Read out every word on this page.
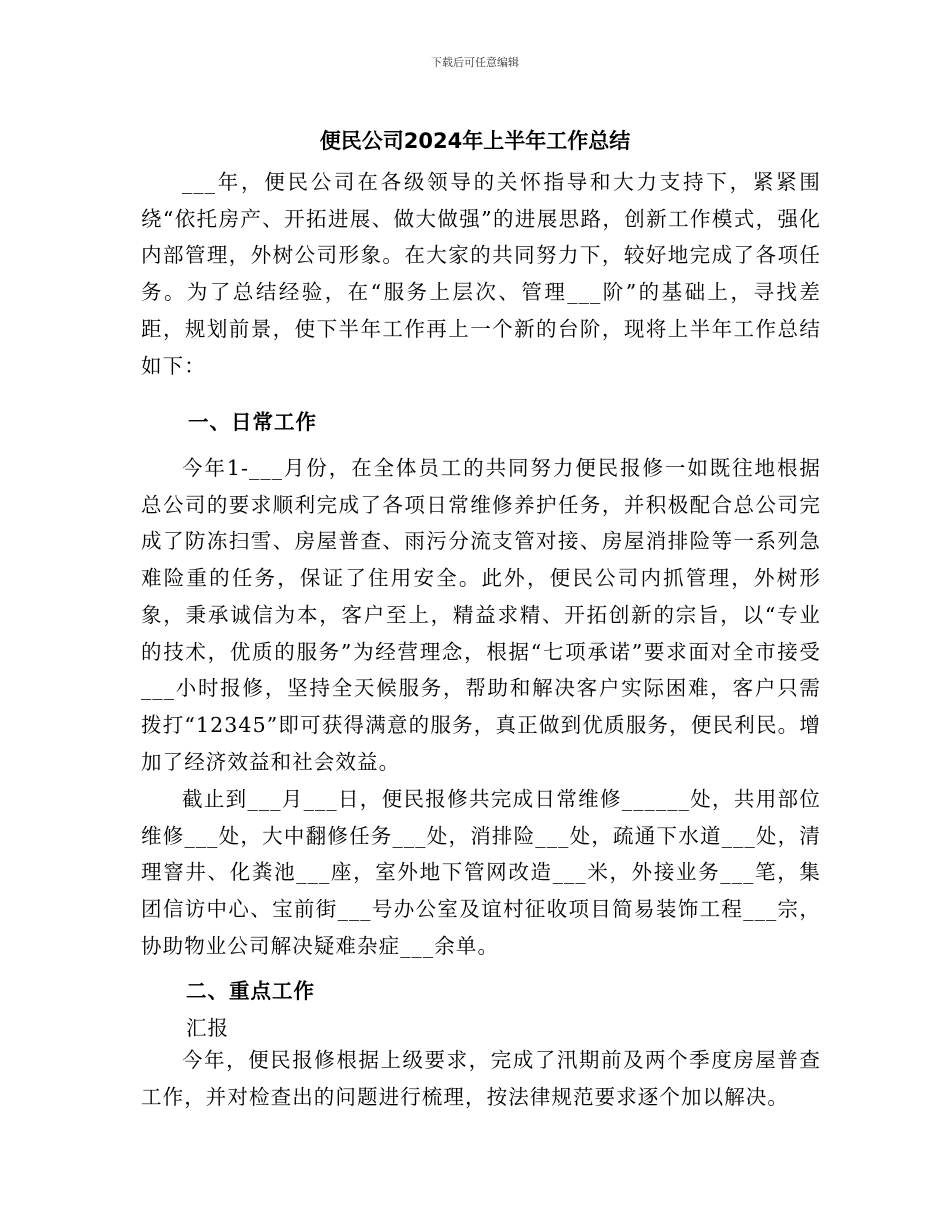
下载后可任意编辑
便民公司2024年上半年工作总结

___年，便民公司在各级领导的关怀指导和大力支持下，紧紧围绕“依托房产、开拓进展、做大做强”的进展思路，创新工作模式，强化内部管理，外树公司形象。在大家的共同努力下，较好地完成了各项任务。为了总结经验，在“服务上层次、管理___阶”的基础上，寻找差距，规划前景，使下半年工作再上一个新的台阶，现将上半年工作总结如下：

一、日常工作

今年1-___月份，在全体员工的共同努力便民报修一如既往地根据总公司的要求顺利完成了各项日常维修养护任务，并积极配合总公司完成了防冻扫雪、房屋普查、雨污分流支管对接、房屋消排险等一系列急难险重的任务，保证了住用安全。此外，便民公司内抓管理，外树形象，秉承诚信为本，客户至上，精益求精、开拓创新的宗旨，以“专业的技术，优质的服务”为经营理念，根据“七项承诺”要求面对全市接受___小时报修，坚持全天候服务，帮助和解决客户实际困难，客户只需拨打“12345”即可获得满意的服务，真正做到优质服务，便民利民。增加了经济效益和社会效益。

截止到___月___日，便民报修共完成日常维修______处，共用部位维修___处，大中翻修任务___处，消排险___处，疏通下水道___处，清理窨井、化粪池___座，室外地下管网改造___米，外接业务___笔，集团信访中心、宝前街___号办公室及谊村征收项目简易装饰工程___宗，协助物业公司解决疑难杂症___余单。

二、重点工作

汇报

今年，便民报修根据上级要求，完成了汛期前及两个季度房屋普查工作，并对检查出的问题进行梳理，按法律规范要求逐个加以解决。
